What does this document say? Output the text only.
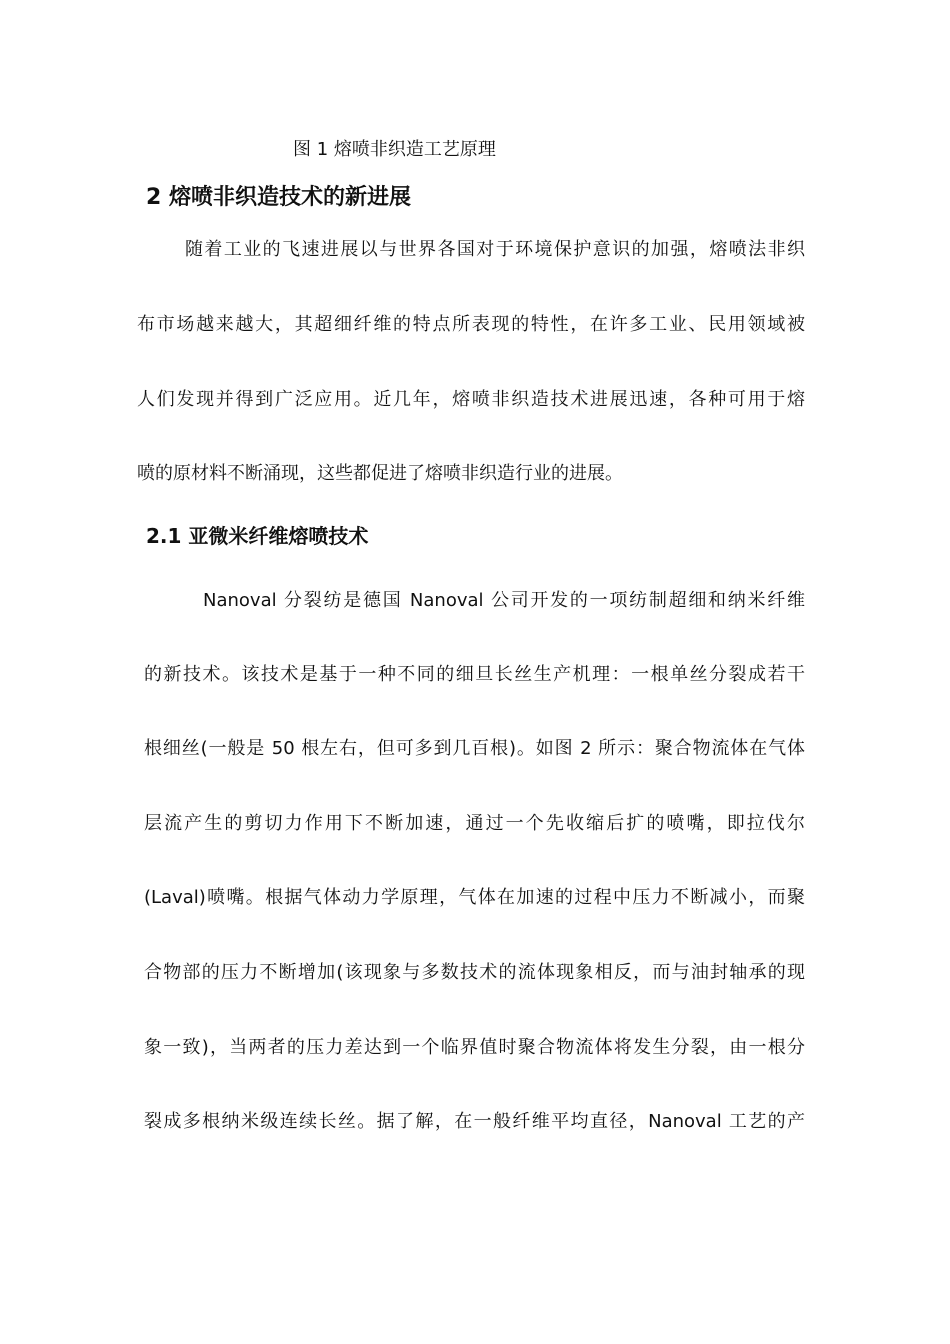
图 1 熔喷非织造工艺原理
2 熔喷非织造技术的新进展
随着工业的飞速进展以与世界各国对于环境保护意识的加强，熔喷法非织
布市场越来越大，其超细纤维的特点所表现的特性，在许多工业、民用领域被
人们发现并得到广泛应用。近几年，熔喷非织造技术进展迅速，各种可用于熔
喷的原材料不断涌现，这些都促进了熔喷非织造行业的进展。
2.1 亚微米纤维熔喷技术
Nanoval 分裂纺是德国 Nanoval 公司开发的一项纺制超细和纳米纤维
的新技术。该技术是基于一种不同的细旦长丝生产机理：一根单丝分裂成若干
根细丝(一般是 50 根左右，但可多到几百根)。如图 2 所示：聚合物流体在气体
层流产生的剪切力作用下不断加速，通过一个先收缩后扩的喷嘴，即拉伐尔
(Laval)喷嘴。根据气体动力学原理，气体在加速的过程中压力不断减小，而聚
合物部的压力不断增加(该现象与多数技术的流体现象相反，而与油封轴承的现
象一致)，当两者的压力差达到一个临界值时聚合物流体将发生分裂，由一根分
裂成多根纳米级连续长丝。据了解，在一般纤维平均直径，Nanoval 工艺的产
